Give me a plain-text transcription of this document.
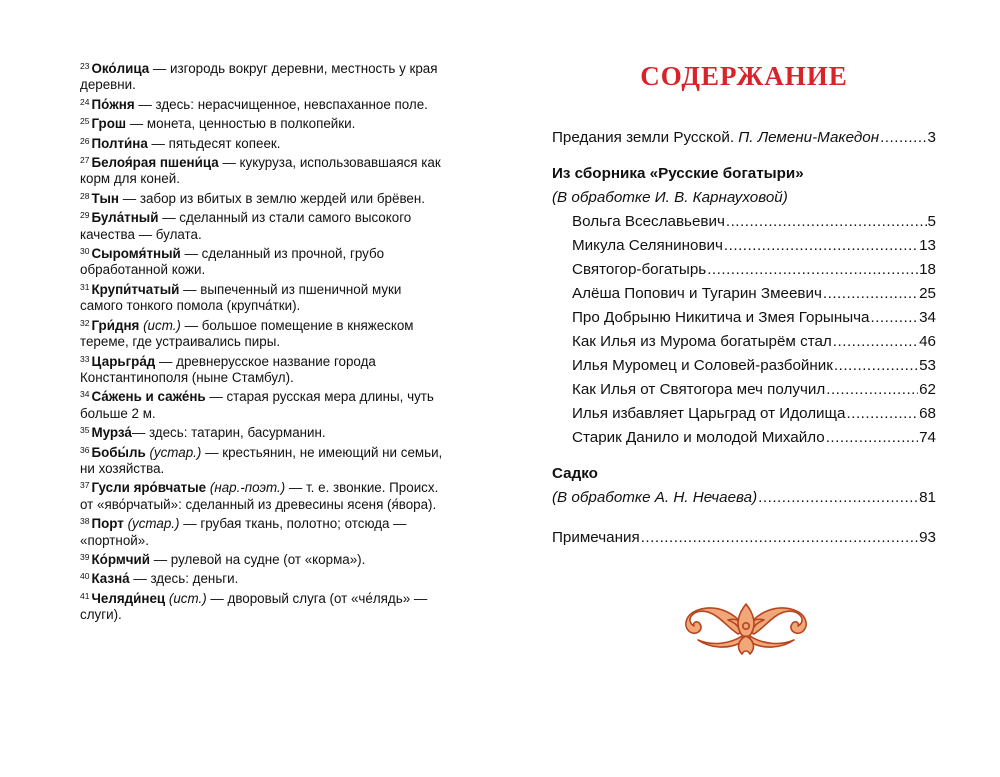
$^{23}$ Око́лица — изгородь вокруг деревни, местность у края деревни.

$^{24}$ По́жня — здесь: нерасчищенное, невспаханное поле.

$^{25}$ Грош — монета, ценностью в полкопейки.

$^{26}$ Полти́на — пятьдесят копеек.

$^{27}$ Белоя́рая пшени́ца — кукуруза, использовавшаяся как корм для коней.

$^{28}$ Тын — забор из вбитых в землю жердей или брёвен.

$^{29}$ Була́тный — сделанный из стали самого высокого качества — булата.

$^{30}$ Сыромя́тный — сделанный из прочной, грубо обработанной кожи.

$^{31}$ Крупи́тчатый — выпеченный из пшеничной муки самого тонкого помола (крупча́тки).

$^{32}$ Гри́дня (ист.) — большое помещение в княжеском тереме, где устраивались пиры.

$^{33}$ Царьгра́д — древнерусское название города Константинополя (ныне Стамбул).

$^{34}$ Са́жень и саже́нь — старая русская мера длины, чуть больше 2 м.

$^{35}$ Мурза́— здесь: татарин, басурманин.

$^{36}$ Бобы́ль (устар.) — крестьянин, не имеющий ни семьи, ни хозяйства.

$^{37}$ Гусли яро́вчатые (нар.-поэт.) — т. е. звонкие. Происх. от «яво́рчатый»: сделанный из древесины ясеня (я́вора).

$^{38}$ Порт (устар.) — грубая ткань, полотно; отсюда — «портной».

$^{39}$ Ко́рмчий — рулевой на судне (от «корма»).

$^{40}$ Казна́ — здесь: деньги.

$^{41}$ Челяди́нец (ист.) — дворовый слуга (от «че́лядь» — слуги).

СОДЕРЖАНИЕ
Предания земли Русской. П. Лемени-Македон .....	3
Из сборника «Русские богатыри»
(В обработке И. В. Карнауховой)
Вольга Всеславьевич .....	5
Микула Селянинович .....	13
Святогор-богатырь .....	18
Алёша Попович и Тугарин Змеевич .....	25
Про Добрыню Никитича и Змея Горыныча .....	34
Как Илья из Мурома богатырём стал .....	46
Илья Муромец и Соловей-разбойник .....	53
Как Илья от Святогора меч получил .....	62
Илья избавляет Царьград от Идолища .....	68
Старик Данило и молодой Михайло .....	74
Садко
(В обработке А. Н. Нечаева) .....	81
Примечания .....	93
